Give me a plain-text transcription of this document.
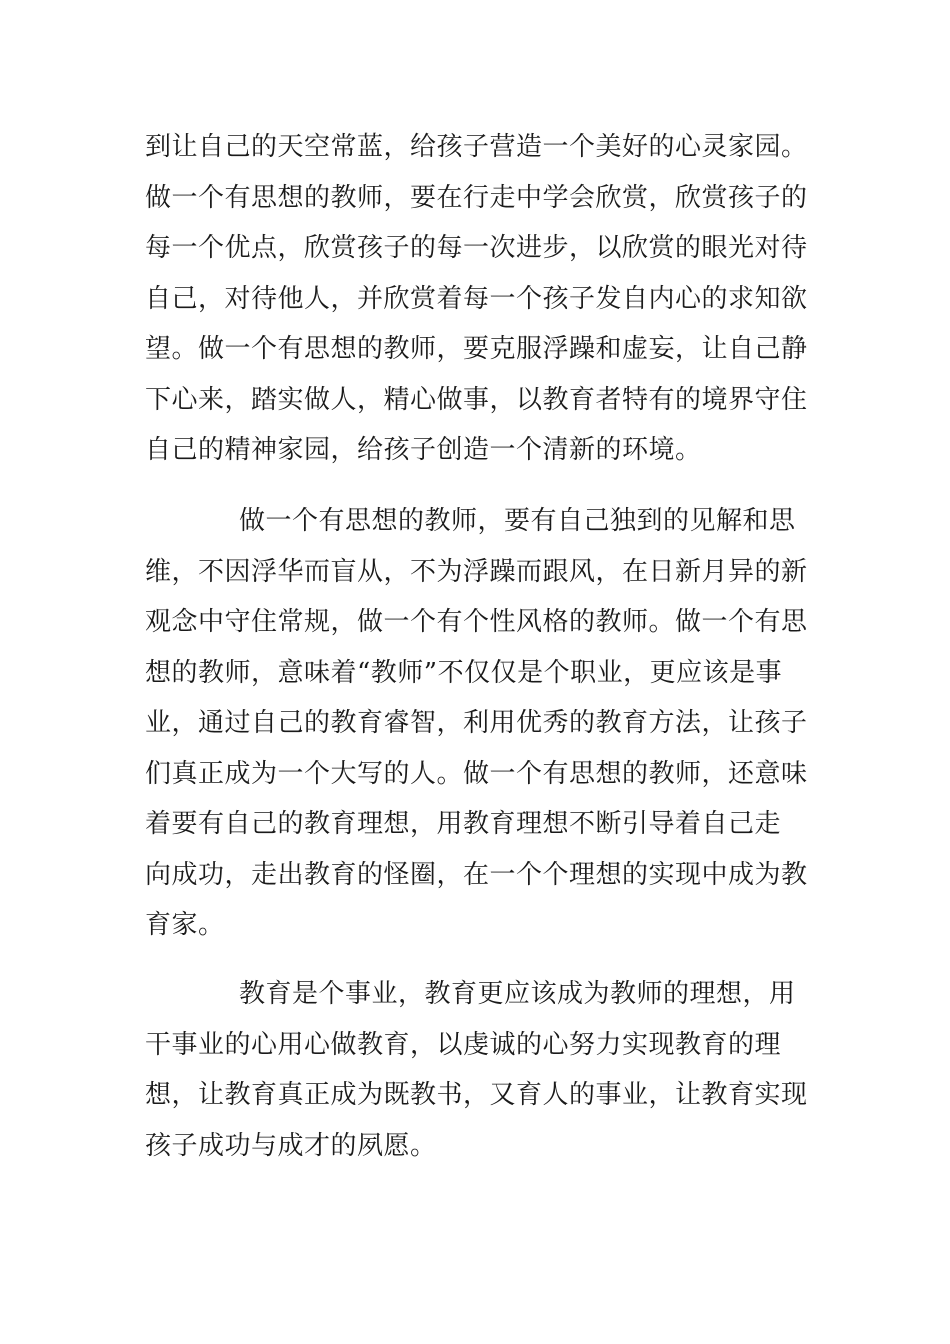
到让自己的天空常蓝，给孩子营造一个美好的心灵家园。
做一个有思想的教师，要在行走中学会欣赏，欣赏孩子的
每一个优点，欣赏孩子的每一次进步，以欣赏的眼光对待
自己，对待他人，并欣赏着每一个孩子发自内心的求知欲
望。做一个有思想的教师，要克服浮躁和虚妄，让自己静
下心来，踏实做人，精心做事，以教育者特有的境界守住
自己的精神家园，给孩子创造一个清新的环境。

做一个有思想的教师，要有自己独到的见解和思
维，不因浮华而盲从，不为浮躁而跟风，在日新月异的新
观念中守住常规，做一个有个性风格的教师。做一个有思
想的教师，意味着“教师”不仅仅是个职业，更应该是事
业，通过自己的教育睿智，利用优秀的教育方法，让孩子
们真正成为一个大写的人。做一个有思想的教师，还意味
着要有自己的教育理想，用教育理想不断引导着自己走
向成功，走出教育的怪圈，在一个个理想的实现中成为教
育家。

教育是个事业，教育更应该成为教师的理想，用
干事业的心用心做教育，以虔诚的心努力实现教育的理
想，让教育真正成为既教书，又育人的事业，让教育实现
孩子成功与成才的夙愿。
